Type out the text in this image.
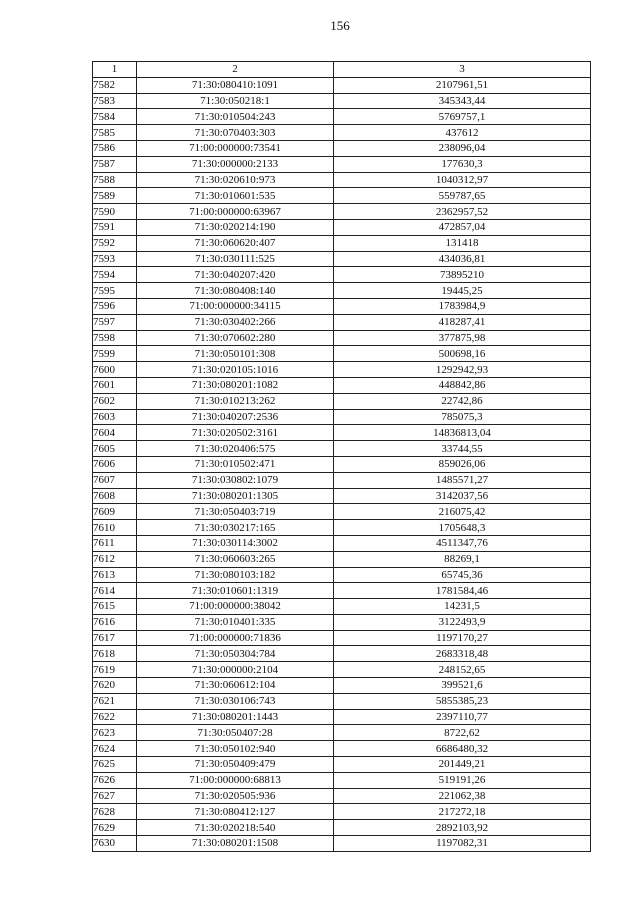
156
1	2	3
7582	71:30:080410:1091	2107961,51
7583	71:30:050218:1	345343,44
7584	71:30:010504:243	5769757,1
7585	71:30:070403:303	437612
7586	71:00:000000:73541	238096,04
7587	71:30:000000:2133	177630,3
7588	71:30:020610:973	1040312,97
7589	71:30:010601:535	559787,65
7590	71:00:000000:63967	2362957,52
7591	71:30:020214:190	472857,04
7592	71:30:060620:407	131418
7593	71:30:030111:525	434036,81
7594	71:30:040207:420	73895210
7595	71:30:080408:140	19445,25
7596	71:00:000000:34115	1783984,9
7597	71:30:030402:266	418287,41
7598	71:30:070602:280	377875,98
7599	71:30:050101:308	500698,16
7600	71:30:020105:1016	1292942,93
7601	71:30:080201:1082	448842,86
7602	71:30:010213:262	22742,86
7603	71:30:040207:2536	785075,3
7604	71:30:020502:3161	14836813,04
7605	71:30:020406:575	33744,55
7606	71:30:010502:471	859026,06
7607	71:30:030802:1079	1485571,27
7608	71:30:080201:1305	3142037,56
7609	71:30:050403:719	216075,42
7610	71:30:030217:165	1705648,3
7611	71:30:030114:3002	4511347,76
7612	71:30:060603:265	88269,1
7613	71:30:080103:182	65745,36
7614	71:30:010601:1319	1781584,46
7615	71:00:000000:38042	14231,5
7616	71:30:010401:335	3122493,9
7617	71:00:000000:71836	1197170,27
7618	71:30:050304:784	2683318,48
7619	71:30:000000:2104	248152,65
7620	71:30:060612:104	399521,6
7621	71:30:030106:743	5855385,23
7622	71:30:080201:1443	2397110,77
7623	71:30:050407:28	8722,62
7624	71:30:050102:940	6686480,32
7625	71:30:050409:479	201449,21
7626	71:00:000000:68813	519191,26
7627	71:30:020505:936	221062,38
7628	71:30:080412:127	217272,18
7629	71:30:020218:540	2892103,92
7630	71:30:080201:1508	1197082,31
